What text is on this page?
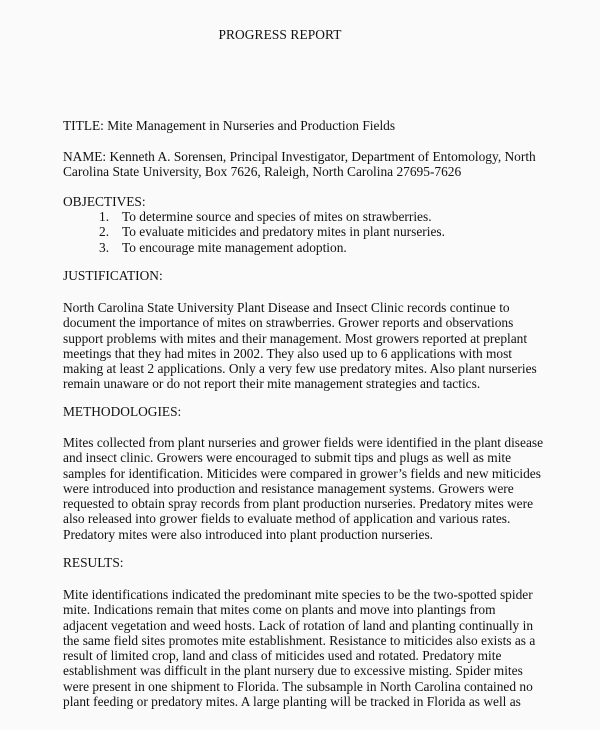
PROGRESS REPORT
TITLE: Mite Management in Nurseries and Production Fields
NAME: Kenneth A. Sorensen, Principal Investigator, Department of Entomology, North
Carolina State University, Box 7626, Raleigh, North Carolina 27695-7626
OBJECTIVES:
1. To determine source and species of mites on strawberries.
2. To evaluate miticides and predatory mites in plant nurseries.
3. To encourage mite management adoption.
JUSTIFICATION:
North Carolina State University Plant Disease and Insect Clinic records continue to
document the importance of mites on strawberries. Grower reports and observations
support problems with mites and their management. Most growers reported at preplant
meetings that they had mites in 2002. They also used up to 6 applications with most
making at least 2 applications. Only a very few use predatory mites. Also plant nurseries
remain unaware or do not report their mite management strategies and tactics.
METHODOLOGIES:
Mites collected from plant nurseries and grower fields were identified in the plant disease
and insect clinic. Growers were encouraged to submit tips and plugs as well as mite
samples for identification. Miticides were compared in grower’s fields and new miticides
were introduced into production and resistance management systems. Growers were
requested to obtain spray records from plant production nurseries. Predatory mites were
also released into grower fields to evaluate method of application and various rates.
Predatory mites were also introduced into plant production nurseries.
RESULTS:
Mite identifications indicated the predominant mite species to be the two-spotted spider
mite. Indications remain that mites come on plants and move into plantings from
adjacent vegetation and weed hosts. Lack of rotation of land and planting continually in
the same field sites promotes mite establishment. Resistance to miticides also exists as a
result of limited crop, land and class of miticides used and rotated. Predatory mite
establishment was difficult in the plant nursery due to excessive misting. Spider mites
were present in one shipment to Florida. The subsample in North Carolina contained no
plant feeding or predatory mites. A large planting will be tracked in Florida as well as
